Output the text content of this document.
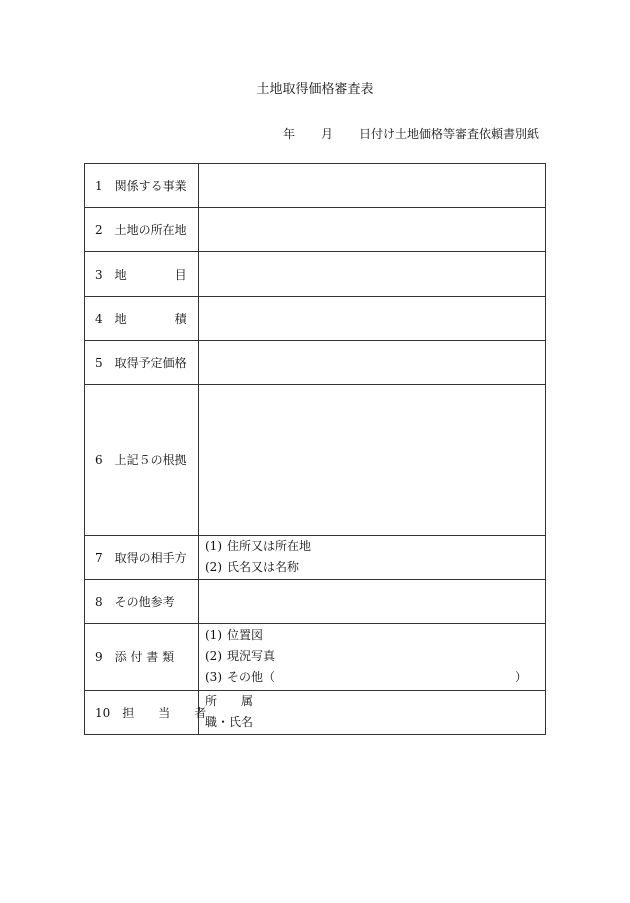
土地取得価格審査表
年 月 日付け土地価格等審査依頼書別紙
1　関係する事業	
2　土地の所在地	
3　地　　　　目	
4　地　　　　積	
5　取得予定価格	
6　上記５の根拠	
7　取得の相手方	(1) 住所又は所在地
(2) 氏名又は名称

8　その他参考	
9　添 付 書 類	(1) 位置図
(2) 現況写真
(3) その他（ ）

10　担　　当　　者	所　　属
職・氏名
